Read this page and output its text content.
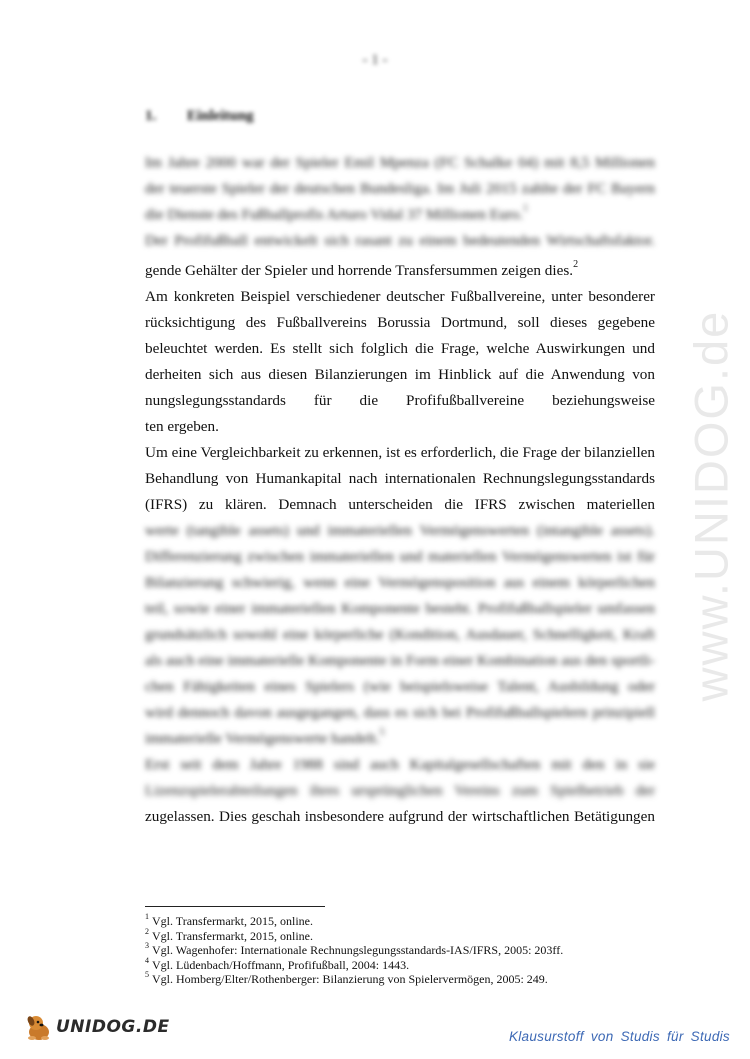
- 1 -
1. Einleitung
Im Jahre 2000 war der Spieler Emil Mpenza (FC Schalke 04) mit 8,5 Millionen
der teuerste Spieler der deutschen Bundesliga. Im Juli 2015 zahlte der FC Bayern
die Dienste des Fußballprofis Arturo Vidal 37 Millionen Euro.$^1$
Der Profifußball entwickelt sich rasant zu einem bedeutenden Wirtschaftsfaktor.
gende Gehälter der Spieler und horrende Transfersummen zeigen dies.$^2$
Am konkreten Beispiel verschiedener deutscher Fußballvereine, unter besonderer
rücksichtigung des Fußballvereins Borussia Dortmund, soll dieses gegebene
beleuchtet werden. Es stellt sich folglich die Frage, welche Auswirkungen und
derheiten sich aus diesen Bilanzierungen im Hinblick auf die Anwendung von
nungslegungsstandards für die Profifußballvereine beziehungsweise
ten ergeben.
Um eine Vergleichbarkeit zu erkennen, ist es erforderlich, die Frage der bilanziellen
Behandlung von Humankapital nach internationalen Rechnungslegungsstandards
(IFRS) zu klären. Demnach unterscheiden die IFRS zwischen materiellen
werte (tangible assets) und immateriellen Vermögenswerten (intangible assets).
Differenzierung zwischen immateriellen und materiellen Vermögenswerten ist für
Bilanzierung schwierig, wenn eine Vermögensposition aus einem körperlichen
teil, sowie einer immateriellen Komponente besteht. Profifußballspieler umfassen
grundsätzlich sowohl eine körperliche (Kondition, Ausdauer, Schnelligkeit, Kraft
als auch eine immaterielle Komponente in Form einer Kombination aus den sportli-
chen Fähigkeiten eines Spielers (wie beispielsweise Talent, Ausbildung oder
wird dennoch davon ausgegangen, dass es sich bei Profifußballspielern prinzipiell
immaterielle Vermögenswerte handelt.$^5$
Erst seit dem Jahre 1988 sind auch Kapitalgesellschaften mit den in sie
Lizenzspielerabteilungen ihres ursprünglichen Vereins zum Spielbetrieb der
zugelassen. Dies geschah insbesondere aufgrund der wirtschaftlichen Betätigungen
$^1$ Vgl. Transfermarkt, 2015, online.
$^2$ Vgl. Transfermarkt, 2015, online.
$^3$ Vgl. Wagenhofer: Internationale Rechnungslegungsstandards-IAS/IFRS, 2005: 203ff.
$^4$ Vgl. Lüdenbach/Hoffmann, Profifußball, 2004: 1443.
$^5$ Vgl. Homberg/Elter/Rothenberger: Bilanzierung von Spielervermögen, 2005: 249.
www.UNIDOG.de
UNIDOG.DE	Klausurstoff von Studis für Studis
